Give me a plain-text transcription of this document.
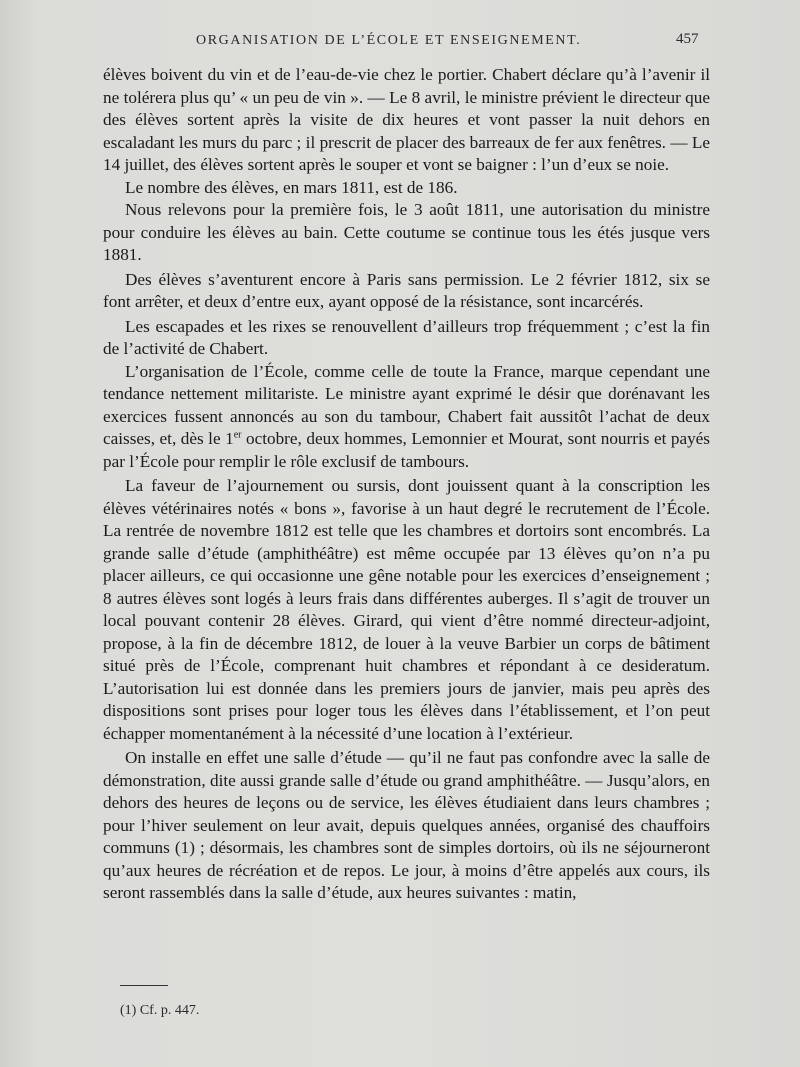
ORGANISATION DE L’ÉCOLE ET ENSEIGNEMENT.	457

élèves boivent du vin et de l’eau-de-vie chez le portier. Chabert déclare qu’à l’avenir il ne tolérera plus qu’ « un peu de vin ». — Le 8 avril, le ministre prévient le directeur que des élèves sortent après la visite de dix heures et vont passer la nuit dehors en escaladant les murs du parc ; il prescrit de placer des barreaux de fer aux fenêtres. — Le 14 juillet, des élèves sortent après le souper et vont se baigner : l’un d’eux se noie.

Le nombre des élèves, en mars 1811, est de 186.

Nous relevons pour la première fois, le 3 août 1811, une autorisation du ministre pour conduire les élèves au bain. Cette coutume se continue tous les étés jusque vers 1881.

Des élèves s’aventurent encore à Paris sans permission. Le 2 février 1812, six se font arrêter, et deux d’entre eux, ayant opposé de la résistance, sont incarcérés.

Les escapades et les rixes se renouvellent d’ailleurs trop fréquemment ; c’est la fin de l’activité de Chabert.

L’organisation de l’École, comme celle de toute la France, marque cependant une tendance nettement militariste. Le ministre ayant exprimé le désir que dorénavant les exercices fussent annoncés au son du tambour, Chabert fait aussitôt l’achat de deux caisses, et, dès le 1er octobre, deux hommes, Lemonnier et Mourat, sont nourris et payés par l’École pour remplir le rôle exclusif de tambours.

La faveur de l’ajournement ou sursis, dont jouissent quant à la conscription les élèves vétérinaires notés « bons », favorise à un haut degré le recrutement de l’École. La rentrée de novembre 1812 est telle que les chambres et dortoirs sont encombrés. La grande salle d’étude (amphithéâtre) est même occupée par 13 élèves qu’on n’a pu placer ailleurs, ce qui occasionne une gêne notable pour les exercices d’enseignement ; 8 autres élèves sont logés à leurs frais dans différentes auberges. Il s’agit de trouver un local pouvant contenir 28 élèves. Girard, qui vient d’être nommé directeur-adjoint, propose, à la fin de décembre 1812, de louer à la veuve Barbier un corps de bâtiment situé près de l’École, comprenant huit chambres et répondant à ce desideratum. L’autorisation lui est donnée dans les premiers jours de janvier, mais peu après des dispositions sont prises pour loger tous les élèves dans l’établissement, et l’on peut échapper momentanément à la nécessité d’une location à l’extérieur.

On installe en effet une salle d’étude — qu’il ne faut pas confondre avec la salle de démonstration, dite aussi grande salle d’étude ou grand amphithéâtre. — Jusqu’alors, en dehors des heures de leçons ou de service, les élèves étudiaient dans leurs chambres ; pour l’hiver seulement on leur avait, depuis quelques années, organisé des chauffoirs communs (1) ; désormais, les chambres sont de simples dortoirs, où ils ne séjourneront qu’aux heures de récréation et de repos. Le jour, à moins d’être appelés aux cours, ils seront rassemblés dans la salle d’étude, aux heures suivantes : matin,

(1) Cf. p. 447.
